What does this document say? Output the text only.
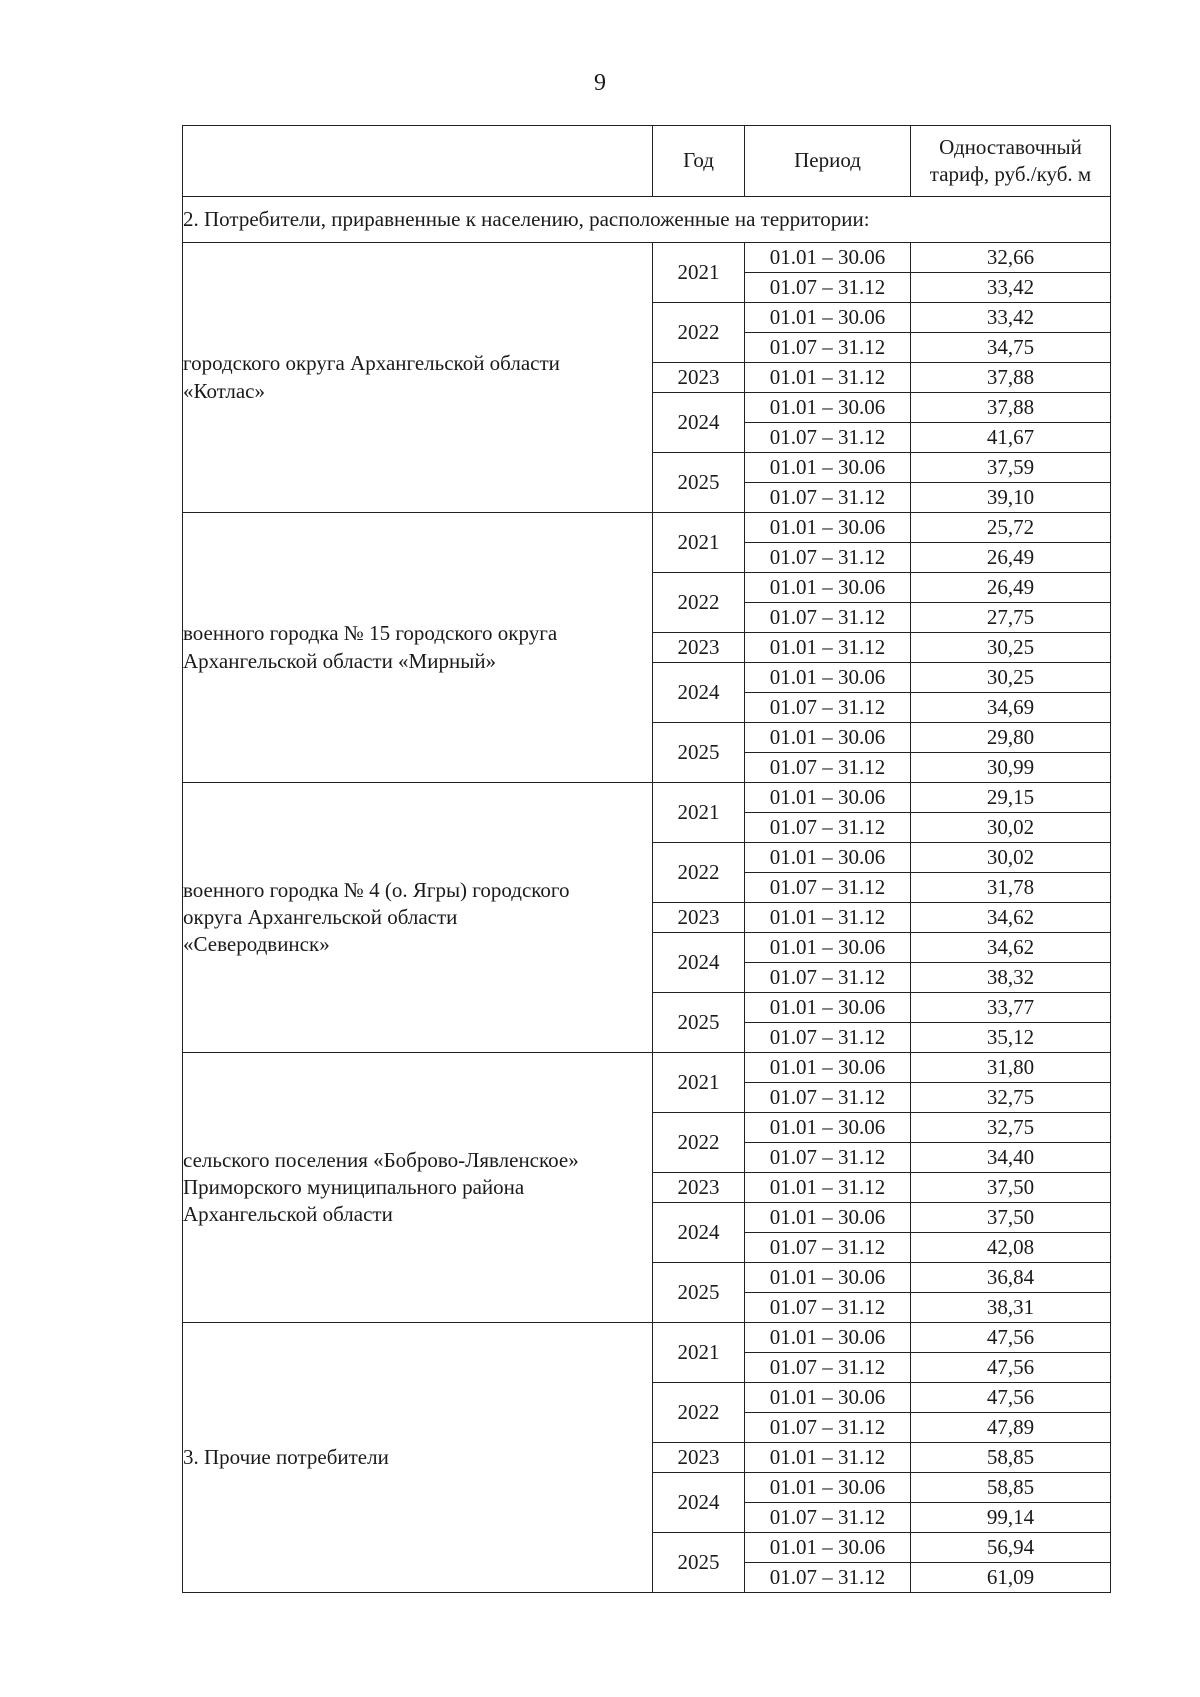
9
	Год	Период	Одноставочный
тариф, руб./куб. м
2. Потребители, приравненные к населению, расположенные на территории:			
городского округа Архангельской области
«Котлас»	2021	01.01 – 30.06	32,66
		01.07 – 31.12	33,42
	2022	01.01 – 30.06	33,42
		01.07 – 31.12	34,75
	2023	01.01 – 31.12	37,88
	2024	01.01 – 30.06	37,88
		01.07 – 31.12	41,67
	2025	01.01 – 30.06	37,59
		01.07 – 31.12	39,10
военного городка № 15 городского округа
Архангельской области «Мирный»	2021	01.01 – 30.06	25,72
		01.07 – 31.12	26,49
	2022	01.01 – 30.06	26,49
		01.07 – 31.12	27,75
	2023	01.01 – 31.12	30,25
	2024	01.01 – 30.06	30,25
		01.07 – 31.12	34,69
	2025	01.01 – 30.06	29,80
		01.07 – 31.12	30,99
военного городка № 4 (о. Ягры) городского
округа Архангельской области
«Северодвинск»	2021	01.01 – 30.06	29,15
		01.07 – 31.12	30,02
	2022	01.01 – 30.06	30,02
		01.07 – 31.12	31,78
	2023	01.01 – 31.12	34,62
	2024	01.01 – 30.06	34,62
		01.07 – 31.12	38,32
	2025	01.01 – 30.06	33,77
		01.07 – 31.12	35,12
сельского поселения «Боброво-Лявленское»
Приморского муниципального района
Архангельской области	2021	01.01 – 30.06	31,80
		01.07 – 31.12	32,75
	2022	01.01 – 30.06	32,75
		01.07 – 31.12	34,40
	2023	01.01 – 31.12	37,50
	2024	01.01 – 30.06	37,50
		01.07 – 31.12	42,08
	2025	01.01 – 30.06	36,84
		01.07 – 31.12	38,31
3. Прочие потребители	2021	01.01 – 30.06	47,56
		01.07 – 31.12	47,56
	2022	01.01 – 30.06	47,56
		01.07 – 31.12	47,89
	2023	01.01 – 31.12	58,85
	2024	01.01 – 30.06	58,85
		01.07 – 31.12	99,14
	2025	01.01 – 30.06	56,94
		01.07 – 31.12	61,09
